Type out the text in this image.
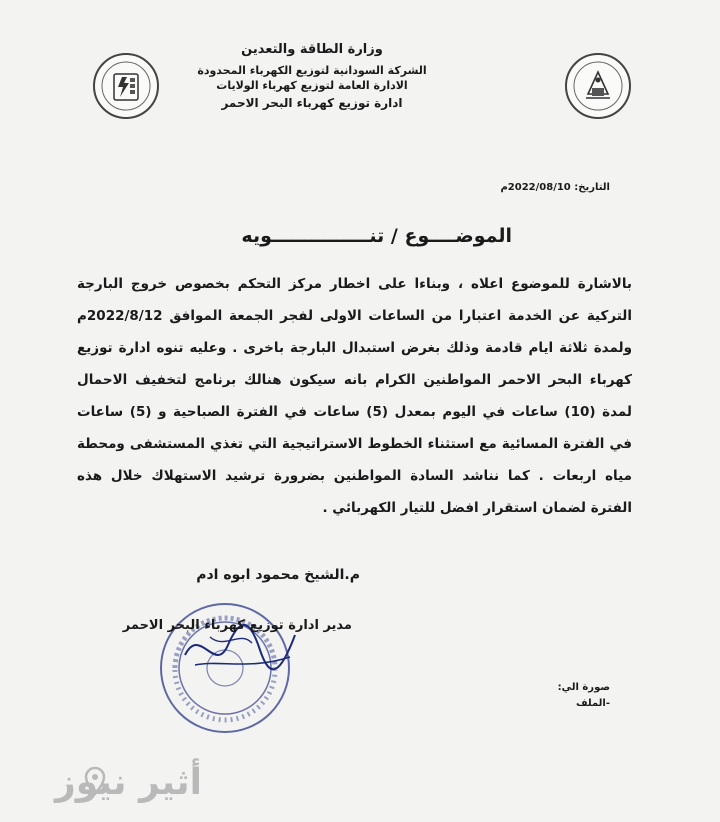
وزارة الطاقة والتعدين
الشركة السودانية لتوزيع الكهرباء المحدودة
الادارة العامة لتوزيع كهرباء الولايات
ادارة توزيع كهرباء البحر الاحمر
التاريخ: 2022/08/10م
الموضــــوع / تنـــــــــــــــويه

بالاشارة للموضوع اعلاه ، وبناءا على اخطار مركز التحكم بخصوص خروج البارجة التركية عن الخدمة اعتبارا من الساعات الاولى لفجر الجمعة الموافق 2022/8/12م ولمدة ثلاثة ايام قادمة وذلك بغرض استبدال البارجة باخرى . وعليه تنوه ادارة توزيع كهرباء البحر الاحمر المواطنين الكرام بانه سيكون هنالك برنامج لتخفيف الاحمال لمدة (10) ساعات في اليوم بمعدل (5) ساعات في الفترة الصباحية و (5) ساعات في الفترة المسائية مع استثناء الخطوط الاستراتيجية التي تغذي المستشفى ومحطة مياه اربعات . كما نناشد السادة المواطنين بضرورة ترشيد الاستهلاك خلال هذه الفترة لضمان استقرار افضل للتيار الكهربائي .

م.الشيخ محمود ابوه ادم
مدير ادارة توزيع كهرباء البحر الاحمر
صورة الي:
-الملف
أثير نيوز
